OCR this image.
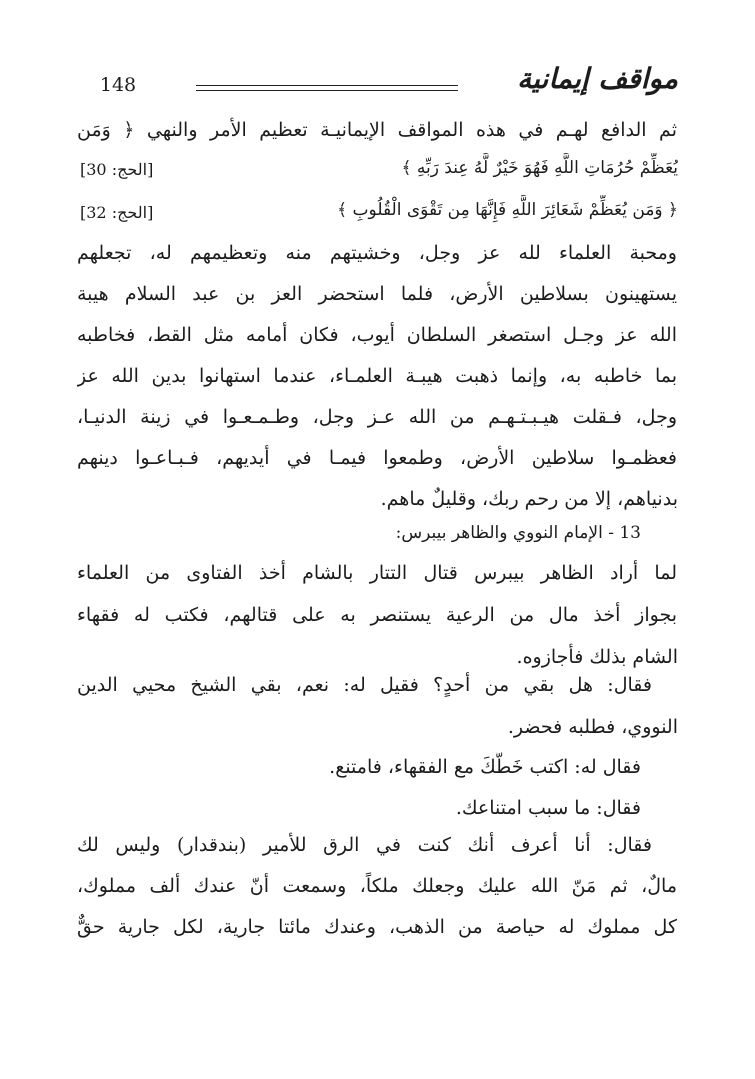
148	مواقف إيمانية
ثم الدافع لهـم في هذه المواقف الإيمانيـة تعظيم الأمر والنهي ﴿ وَمَن
يُعَظِّمْ حُرُمَاتِ اللَّهِ فَهُوَ خَيْرٌ لَّهُ عِندَ رَبِّهِ ﴾
[الحج: 30]
﴿ وَمَن يُعَظِّمْ شَعَائِرَ اللَّهِ فَإِنَّهَا مِن تَقْوَى الْقُلُوبِ ﴾
[الحج: 32]
ومحبة العلماء لله عز وجل، وخشيتهم منه وتعظيمهم له، تجعلهم
يستهينون بسلاطين الأرض، فلما استحضر العز بن عبد السلام هيبة
الله عز وجـل استصغر السلطان أيوب، فكان أمامه مثل القط، فخاطبه
بما خاطبه به، وإنما ذهبت هيبـة العلمـاء، عندما استهانوا بدين الله عز
وجل، فـقلت هيـبـتـهـم من الله عـز وجل، وطـمـعـوا في زينة الدنيـا،
فعظمـوا سلاطين الأرض، وطمعوا فيمـا في أيديهم، فـبـاعـوا دينهم
بدنياهم، إلا من رحم ربك، وقليلٌ ماهم.
13 - الإمام النووي والظاهر بيبرس:
لما أراد الظاهر بيبرس قتال التتار بالشام أخذ الفتاوى من العلماء
بجواز أخذ مال من الرعية يستنصر به على قتالهم، فكتب له فقهاء
الشام بذلك فأجازوه.
فقال: هل بقي من أحدٍ؟ فقيل له: نعم، بقي الشيخ محيي الدين
النووي، فطلبه فحضر.
فقال له: اكتب خَطَّكَ مع الفقهاء، فامتنع.
فقال: ما سبب امتناعك.
فقال: أنا أعرف أنك كنت في الرق للأمير (بندقدار) وليس لك
مالٌ، ثم مَنّ الله عليك وجعلك ملكاً، وسمعت أنّ عندك ألف مملوك،
كل مملوك له حياصة من الذهب، وعندك مائتا جارية، لكل جارية حقٌّ
